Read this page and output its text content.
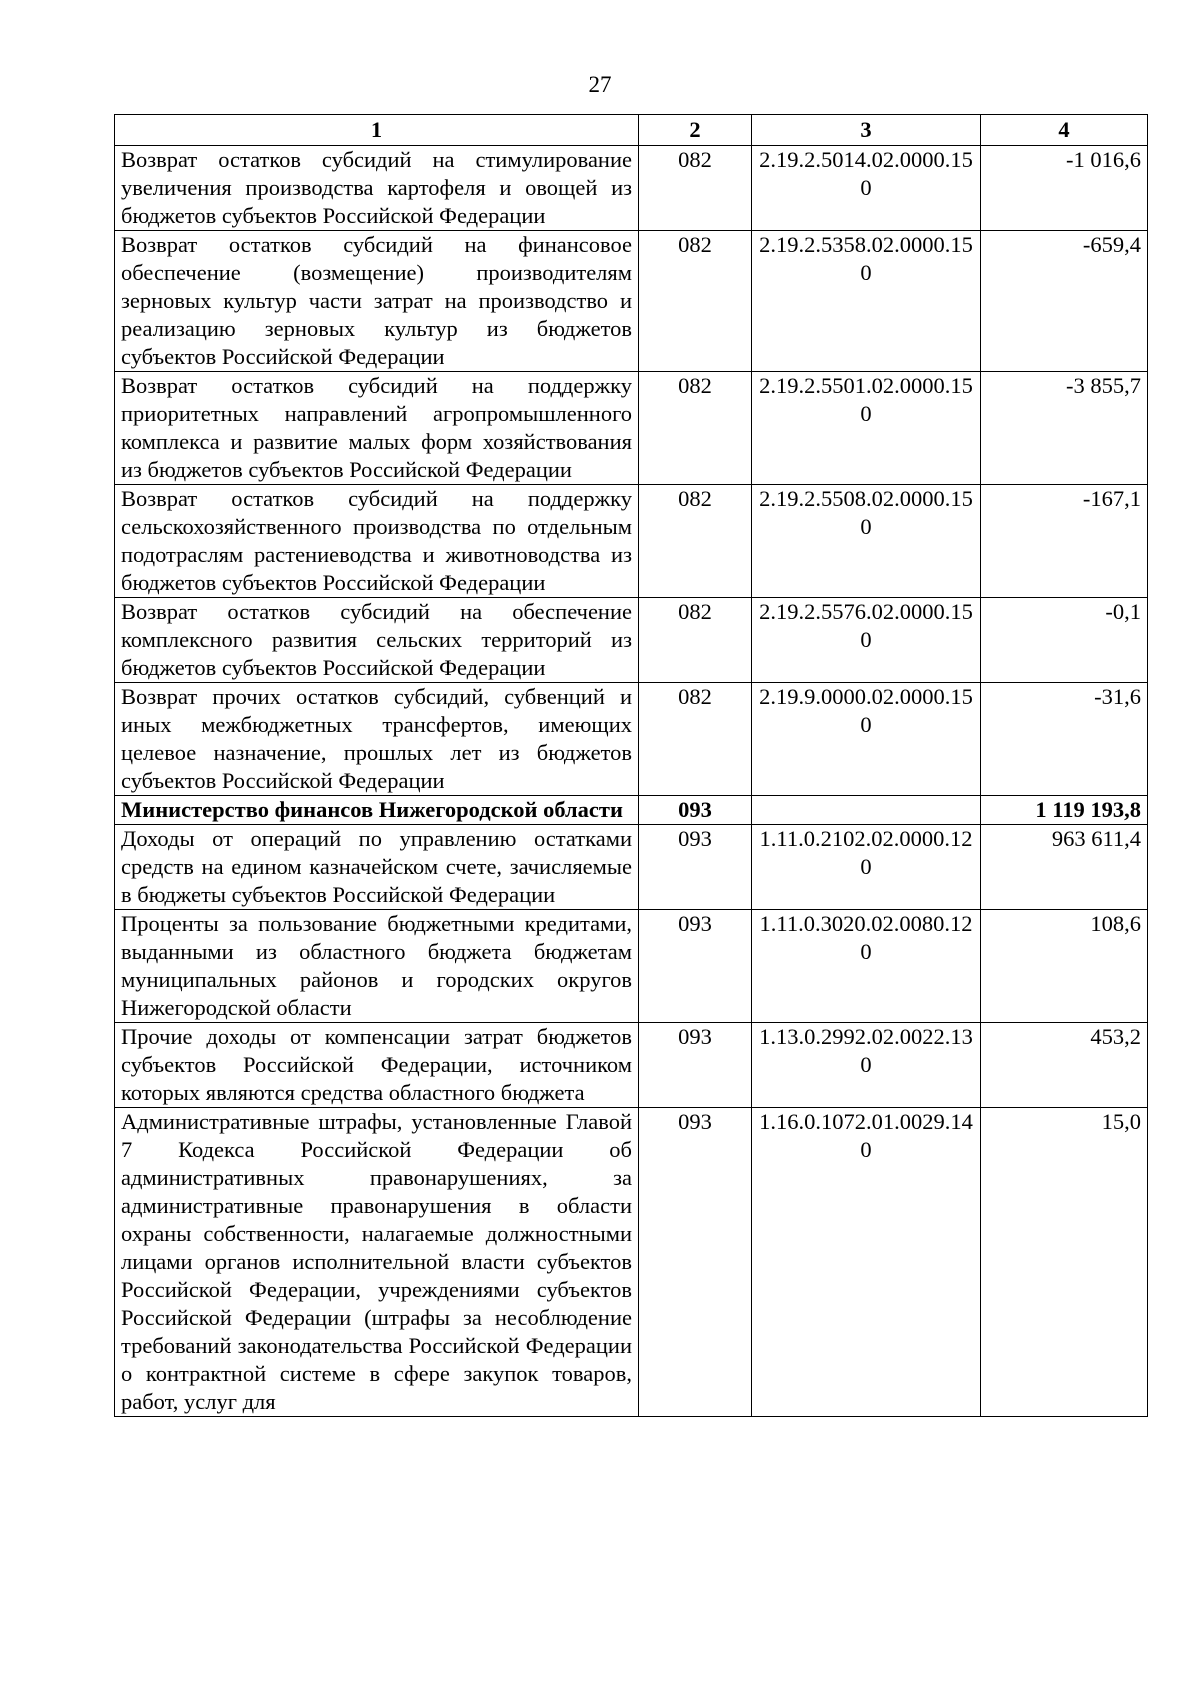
27
1	2	3	4
Возврат остатков субсидий на стимулирование увеличения производства картофеля и овощей из бюджетов субъектов Российской Федерации	082	2.19.2.5014.02.0000.150	-1 016,6
Возврат остатков субсидий на финансовое обеспечение (возмещение) производителям зерновых культур части затрат на производство и реализацию зерновых культур из бюджетов субъектов Российской Федерации	082	2.19.2.5358.02.0000.150	-659,4
Возврат остатков субсидий на поддержку приоритетных направлений агропромышленного комплекса и развитие малых форм хозяйствования из бюджетов субъектов Российской Федерации	082	2.19.2.5501.02.0000.150	-3 855,7
Возврат остатков субсидий на поддержку сельскохозяйственного производства по отдельным подотраслям растениеводства и животноводства из бюджетов субъектов Российской Федерации	082	2.19.2.5508.02.0000.150	-167,1
Возврат остатков субсидий на обеспечение комплексного развития сельских территорий из бюджетов субъектов Российской Федерации	082	2.19.2.5576.02.0000.150	-0,1
Возврат прочих остатков субсидий, субвенций и иных межбюджетных трансфертов, имеющих целевое назначение, прошлых лет из бюджетов субъектов Российской Федерации	082	2.19.9.0000.02.0000.150	-31,6
Министерство финансов Нижегородской области	093		1 119 193,8
Доходы от операций по управлению остатками средств на едином казначейском счете, зачисляемые в бюджеты субъектов Российской Федерации	093	1.11.0.2102.02.0000.120	963 611,4
Проценты за пользование бюджетными кредитами, выданными из областного бюджета бюджетам муниципальных районов и городских округов Нижегородской области	093	1.11.0.3020.02.0080.120	108,6
Прочие доходы от компенсации затрат бюджетов субъектов Российской Федерации, источником которых являются средства областного бюджета	093	1.13.0.2992.02.0022.130	453,2
Административные штрафы, установленные Главой 7 Кодекса Российской Федерации об административных правонарушениях, за административные правонарушения в области охраны собственности, налагаемые должностными лицами органов исполнительной власти субъектов Российской Федерации, учреждениями субъектов Российской Федерации (штрафы за несоблюдение требований законодательства Российской Федерации о контрактной системе в сфере закупок товаров, работ, услуг для	093	1.16.0.1072.01.0029.140	15,0
